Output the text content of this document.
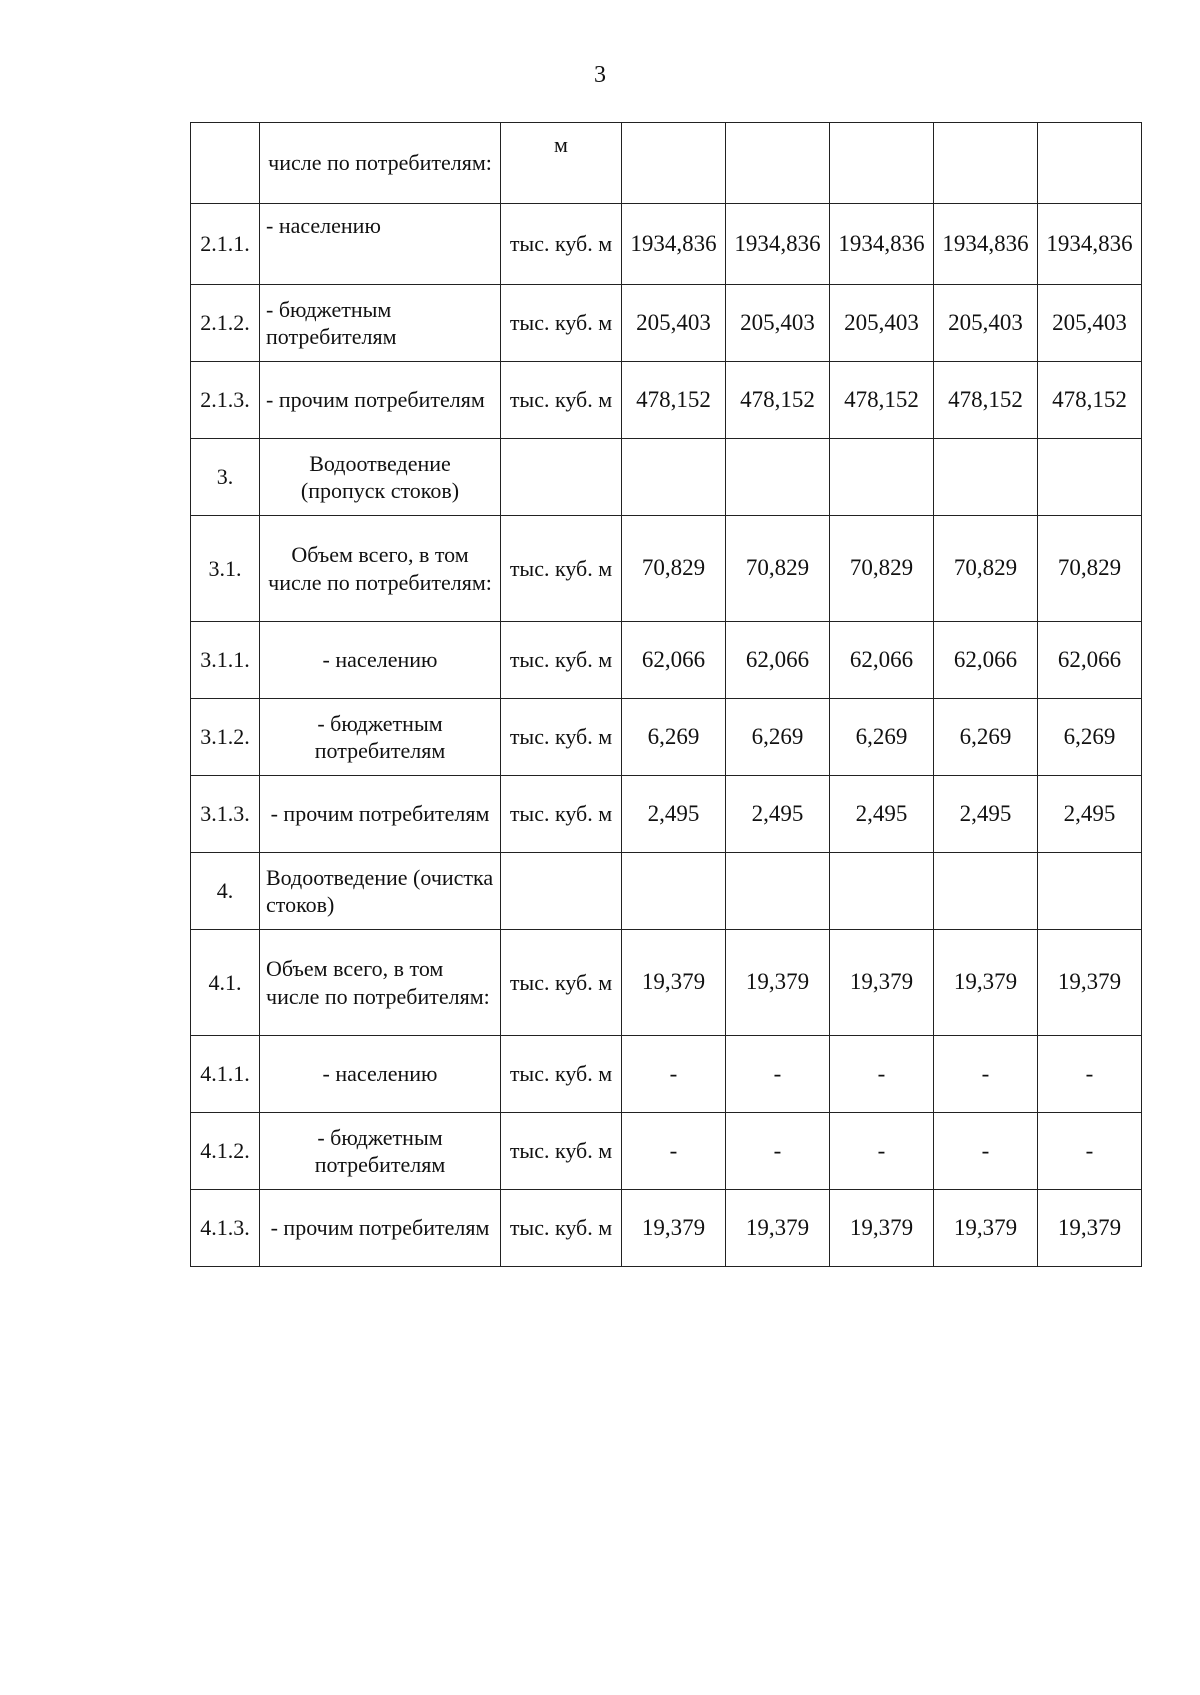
3
	числе по потребителям:	м					
2.1.1.	- населению	тыс. куб. м	1934,836	1934,836	1934,836	1934,836	1934,836
2.1.2.	- бюджетным потребителям	тыс. куб. м	205,403	205,403	205,403	205,403	205,403
2.1.3.	- прочим потребителям	тыс. куб. м	478,152	478,152	478,152	478,152	478,152
3.	Водоотведение (пропуск стоков)						
3.1.	Объем всего, в том числе по потребителям:	тыс. куб. м	70,829	70,829	70,829	70,829	70,829
3.1.1.	- населению	тыс. куб. м	62,066	62,066	62,066	62,066	62,066
3.1.2.	- бюджетным потребителям	тыс. куб. м	6,269	6,269	6,269	6,269	6,269
3.1.3.	- прочим потребителям	тыс. куб. м	2,495	2,495	2,495	2,495	2,495
4.	Водоотведение (очистка стоков)						
4.1.	Объем всего, в том числе по потребителям:	тыс. куб. м	19,379	19,379	19,379	19,379	19,379
4.1.1.	- населению	тыс. куб. м	-	-	-	-	-
4.1.2.	- бюджетным потребителям	тыс. куб. м	-	-	-	-	-
4.1.3.	- прочим потребителям	тыс. куб. м	19,379	19,379	19,379	19,379	19,379
